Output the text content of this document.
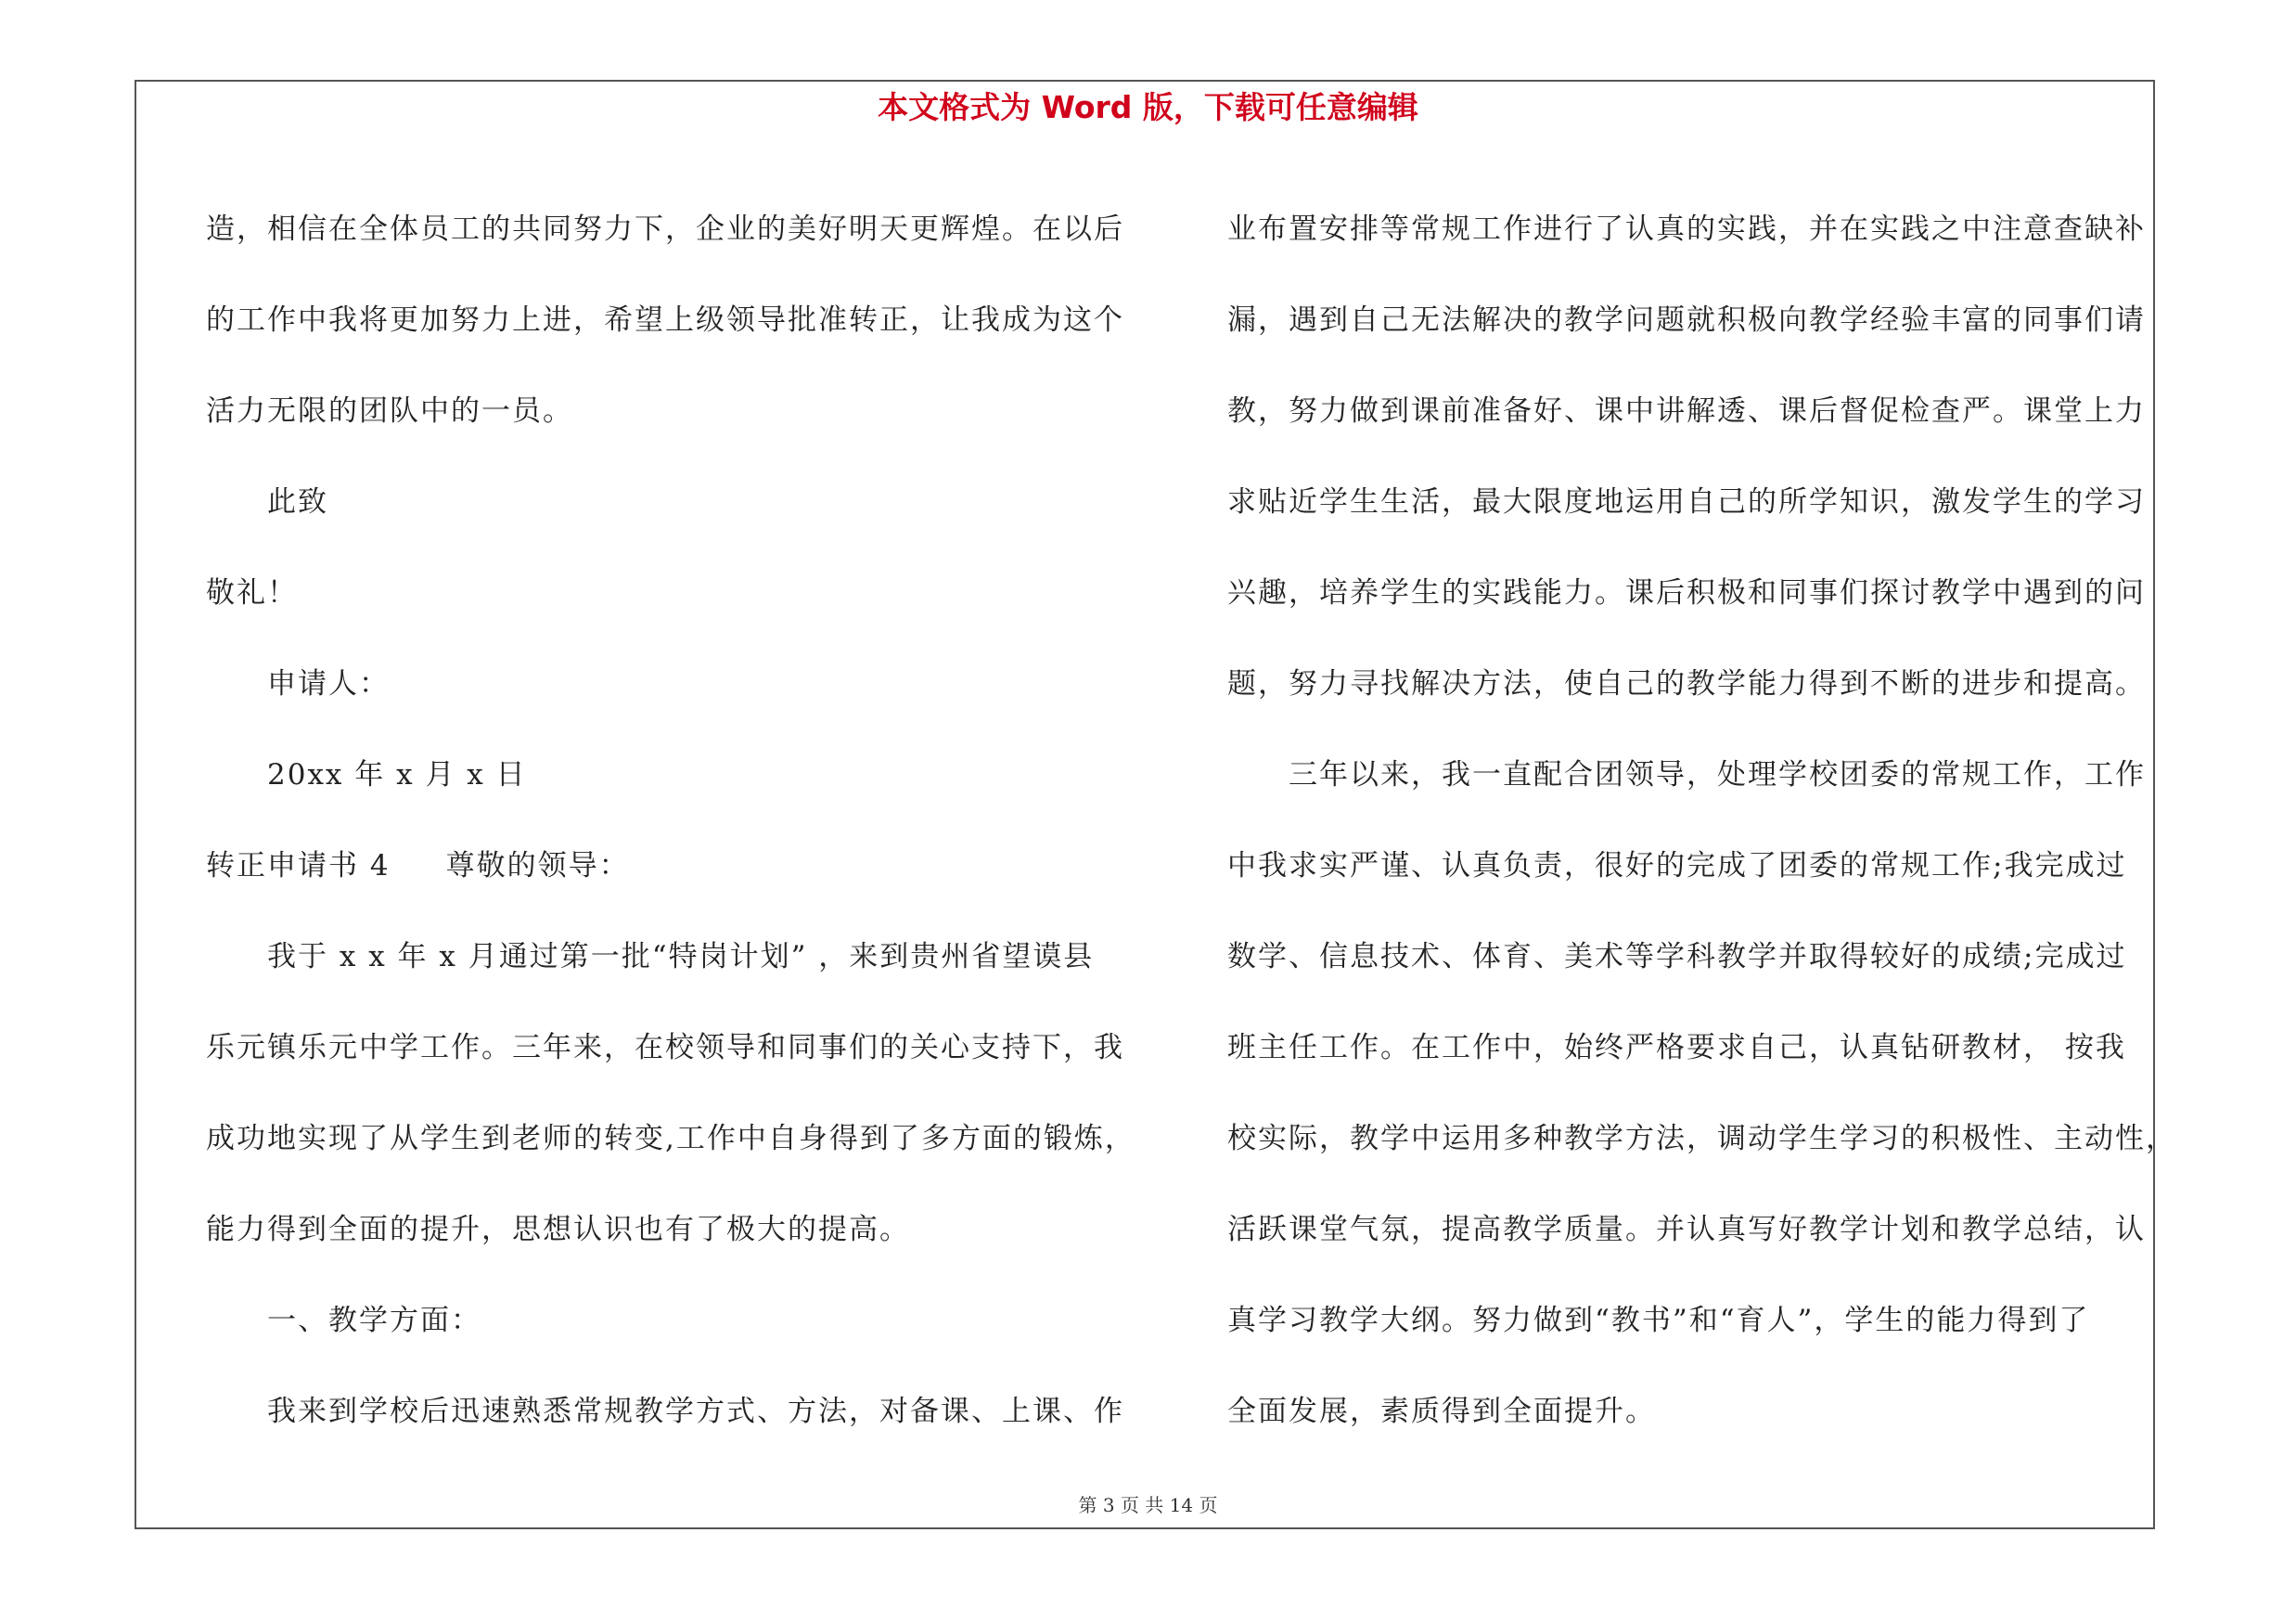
本文格式为 Word 版，下载可任意编辑
造，相信在全体员工的共同努力下，企业的美好明天更辉煌。在以后
的工作中我将更加努力上进，希望上级领导批准转正，让我成为这个
活力无限的团队中的一员。
此致
敬礼！
申请人：
20xx 年 x 月 x 日
转正申请书 4 尊敬的领导：
我于 x x 年 x 月通过第一批“特岗计划” ，来到贵州省望谟县
乐元镇乐元中学工作。三年来，在校领导和同事们的关心支持下，我
成功地实现了从学生到老师的转变,工作中自身得到了多方面的锻炼，
能力得到全面的提升，思想认识也有了极大的提高。
一、教学方面：
我来到学校后迅速熟悉常规教学方式、方法，对备课、上课、作
业布置安排等常规工作进行了认真的实践，并在实践之中注意查缺补
漏，遇到自己无法解决的教学问题就积极向教学经验丰富的同事们请
教，努力做到课前准备好、课中讲解透、课后督促检查严。课堂上力
求贴近学生生活，最大限度地运用自己的所学知识，激发学生的学习
兴趣，培养学生的实践能力。课后积极和同事们探讨教学中遇到的问
题，努力寻找解决方法，使自己的教学能力得到不断的进步和提高。
三年以来，我一直配合团领导，处理学校团委的常规工作，工作
中我求实严谨、认真负责，很好的完成了团委的常规工作;我完成过
数学、信息技术、体育、美术等学科教学并取得较好的成绩;完成过
班主任工作。在工作中，始终严格要求自己，认真钻研教材， 按我
校实际，教学中运用多种教学方法，调动学生学习的积极性、主动性，
活跃课堂气氛，提高教学质量。并认真写好教学计划和教学总结，认
真学习教学大纲。努力做到“教书”和“育人”，学生的能力得到了
全面发展，素质得到全面提升。
第 3 页 共 14 页
